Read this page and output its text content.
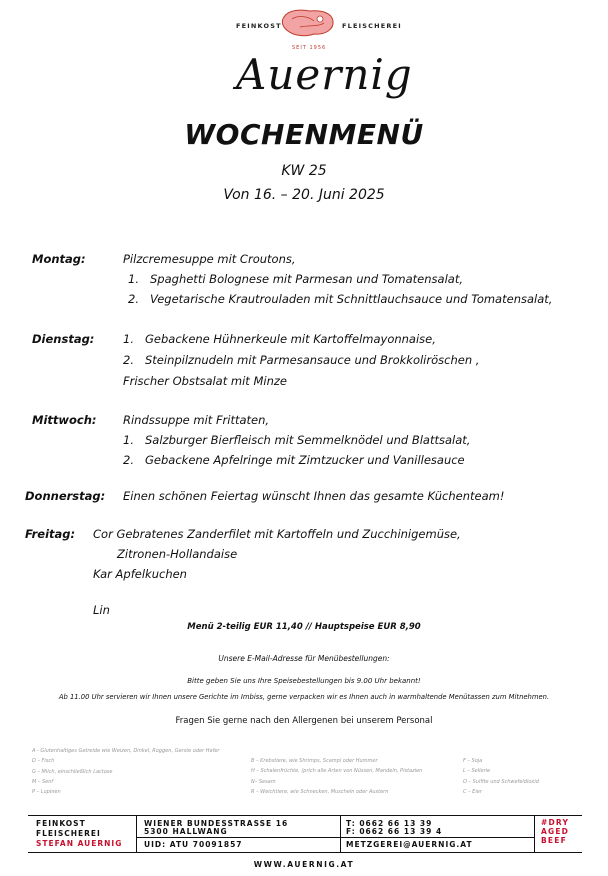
FEINKOST	FLEISCHEREI
SEIT 1956
Auernig
WOCHENMENÜ
KW 25
Von 16. – 20. Juni 2025
Montag:	Pilzcremesuppe mit Croutons,
1. Spaghetti Bolognese mit Parmesan und Tomatensalat,
2. Vegetarische Krautrouladen mit Schnittlauchsauce und Tomatensalat,
Dienstag: 1. Gebackene Hühnerkeule mit Kartoffelmayonnaise,
2. Steinpilznudeln mit Parmesansauce und Brokkoliröschen ,
Frischer Obstsalat mit Minze
Mittwoch: Rindssuppe mit Frittaten,
1. Salzburger Bierfleisch mit Semmelknödel und Blattsalat,
2. Gebackene Apfelringe mit Zimtzucker und Vanillesauce
Donnerstag: Einen schönen Feiertag wünscht Ihnen das gesamte Küchenteam!
Freitag: Cor Gebratenes Zanderfilet mit Kartoffeln und Zucchinigemüse,
Zitronen-Hollandaise
Kar Apfelkuchen
Lin
Menü 2-teilig EUR 11,40 // Hauptspeise EUR 8,90
Unsere E-Mail-Adresse für Menübestellungen:
Bitte geben Sie uns Ihre Speisebestellungen bis 9.00 Uhr bekannt!
Ab 11.00 Uhr servieren wir Ihnen unsere Gerichte im Imbiss, gerne verpacken wir es Ihnen auch in warmhaltende Menütassen zum Mitnehmen.
Fragen Sie gerne nach den Allergenen bei unserem Personal
A - Glutenhaltiges Getreide wie Weizen, Dinkel, Roggen, Gerste oder Hafer
D – Fisch
G – Milch, einschließlich Lactose
M – Senf
P – Lupinen
B – Krebstiere, wie Shrimps, Scampi oder Hummer
H – Schalenfrüchte, (prich alle Arten von Nüssen, Mandeln, Pistazien
N– Sesam
R – Weichtiere, wie Schnecken, Muscheln oder Austern
F – Soja
L – Sellerie
O – Sulfite und Schwefeldioxid
C – Eier
FEINKOST
FLEISCHEREI
STEFAN AUERNIG
WIENER BUNDESSTRASSE 16
5300 HALLWANG
UID: ATU 70091857
T: 0662 66 13 39
F: 0662 66 13 39 4
METZGEREI@AUERNIG.AT
#DRY
AGED
BEEF
WWW.AUERNIG.AT
